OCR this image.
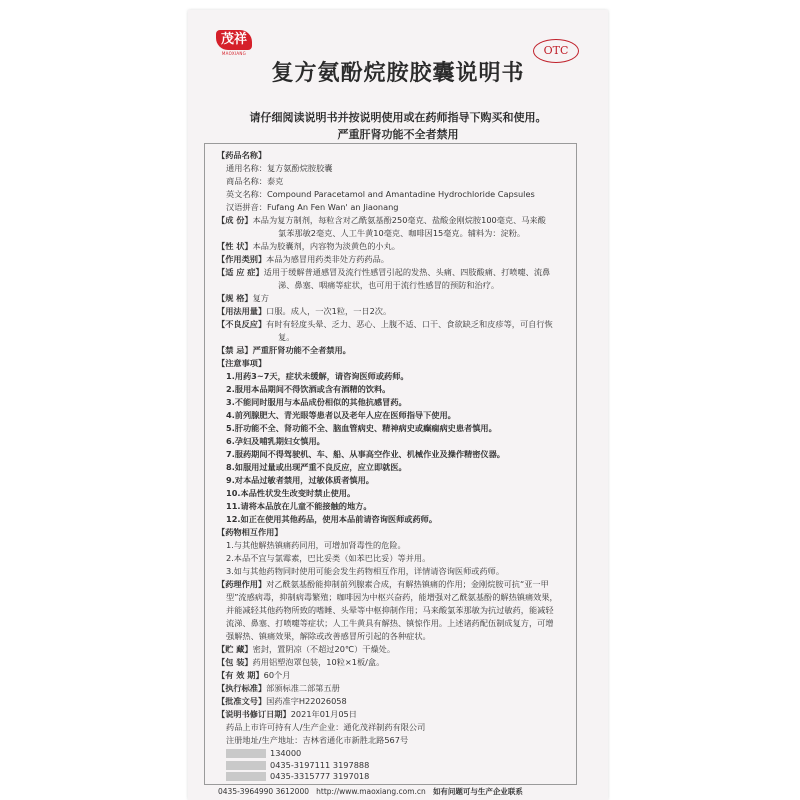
茂祥
MAOXIANG	OTC
复方氨酚烷胺胶囊说明书
请仔细阅读说明书并按说明使用或在药师指导下购买和使用。
严重肝肾功能不全者禁用
【药品名称】
通用名称：复方氨酚烷胺胶囊
商品名称：泰克
英文名称：Compound Paracetamol and Amantadine Hydrochloride Capsules
汉语拼音：Fufang An Fen Wan' an Jiaonang
【成 份】本品为复方制剂，每粒含对乙酰氨基酚250毫克、盐酸金刚烷胺100毫克、马来酸
氯苯那敏2毫克、人工牛黄10毫克、咖啡因15毫克。辅料为：淀粉。
【性 状】本品为胶囊剂，内容物为淡黄色的小丸。
【作用类别】本品为感冒用药类非处方药药品。
【适 应 症】适用于缓解普通感冒及流行性感冒引起的发热、头痛、四肢酸痛、打喷嚏、流鼻
涕、鼻塞、咽痛等症状，也可用于流行性感冒的预防和治疗。
【规 格】复方
【用法用量】口服。成人，一次1粒，一日2次。
【不良反应】有时有轻度头晕、乏力、恶心、上腹不适、口干、食欲缺乏和皮疹等，可自行恢
复。
【禁 忌】严重肝肾功能不全者禁用。
【注意事项】
1.用药3~7天，症状未缓解，请咨询医师或药师。
2.服用本品期间不得饮酒或含有酒精的饮料。
3.不能同时服用与本品成份相似的其他抗感冒药。
4.前列腺肥大、青光眼等患者以及老年人应在医师指导下使用。
5.肝功能不全、肾功能不全、脑血管病史、精神病史或癫痫病史患者慎用。
6.孕妇及哺乳期妇女慎用。
7.服药期间不得驾驶机、车、船、从事高空作业、机械作业及操作精密仪器。
8.如服用过量或出现严重不良反应，应立即就医。
9.对本品过敏者禁用，过敏体质者慎用。
10.本品性状发生改变时禁止使用。
11.请将本品放在儿童不能接触的地方。
12.如正在使用其他药品，使用本品前请咨询医师或药师。
【药物相互作用】
1.与其他解热镇痛药同用，可增加肾毒性的危险。
2.本品不宜与氯霉素，巴比妥类（如苯巴比妥）等并用。
3.如与其他药物同时使用可能会发生药物相互作用，详情请咨询医师或药师。
【药理作用】对乙酰氨基酚能抑制前列腺素合成，有解热镇痛的作用；金刚烷胺可抗“亚一甲
型”流感病毒，抑制病毒繁殖；咖啡因为中枢兴奋药，能增强对乙酰氨基酚的解热镇痛效果，
并能减轻其他药物所致的嗜睡、头晕等中枢抑制作用；马来酸氯苯那敏为抗过敏药，能减轻
流涕、鼻塞、打喷嚏等症状；人工牛黄具有解热、镇惊作用。上述诸药配伍制成复方，可增
强解热、镇痛效果，解除或改善感冒所引起的各种症状。
【贮 藏】密封，置阴凉（不超过20℃）干燥处。
【包 装】药用铝塑泡罩包装，10粒×1板/盒。
【有 效 期】60个月
【执行标准】部颁标准二部第五册
【批准文号】国药准字H22026058
【说明书修订日期】2021年01月05日
药品上市许可持有人/生产企业：通化茂祥制药有限公司
注册地址/生产地址：吉林省通化市新胜北路567号
134000
0435-3197111 3197888
0435-3315777 3197018
0435-3964990 3612000 http://www.maoxiang.com.cn 如有问题可与生产企业联系
